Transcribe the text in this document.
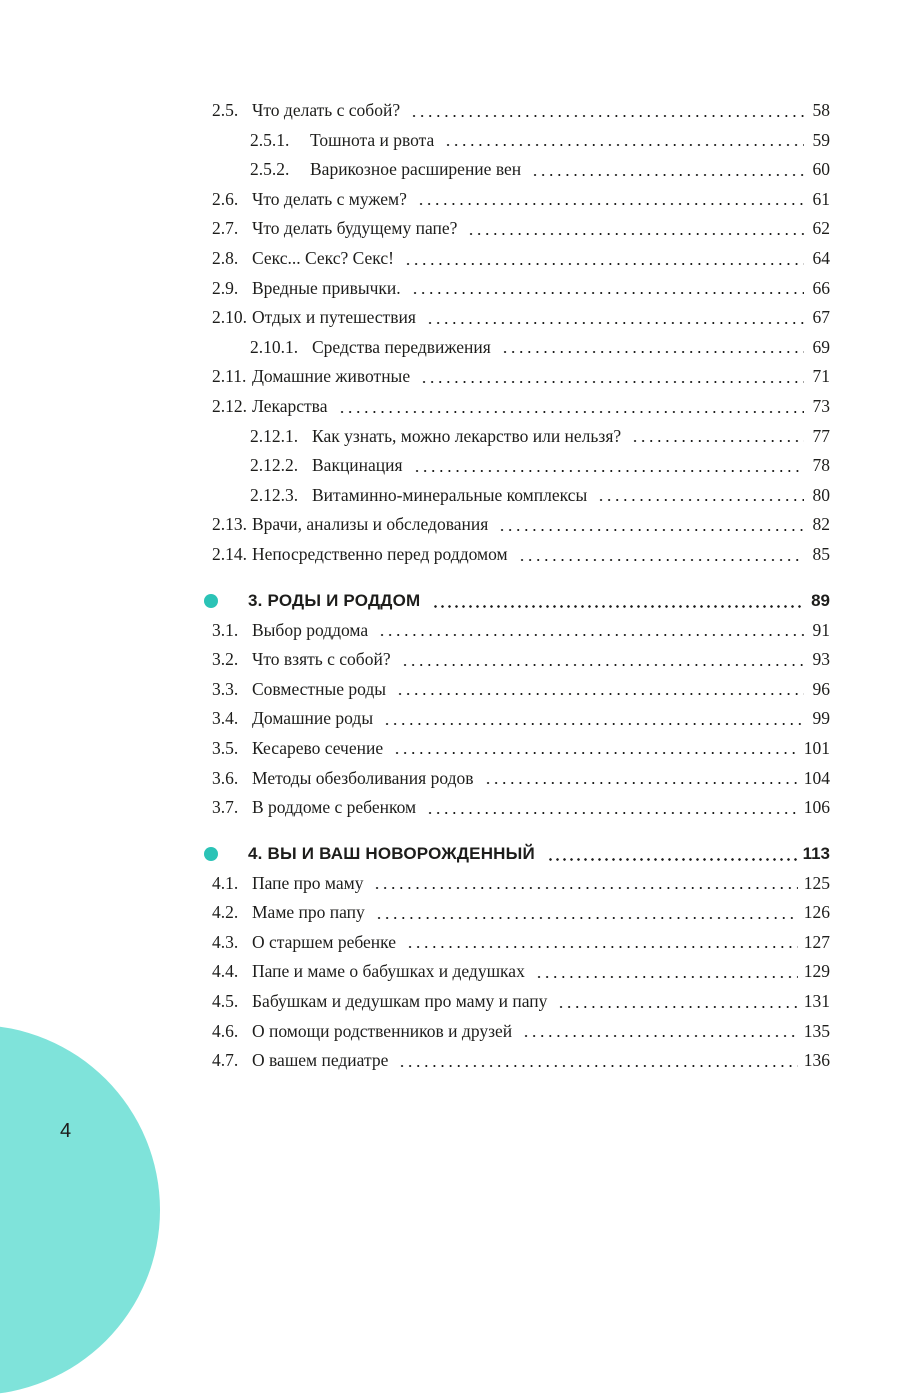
4
2.5. Что делать с собой?	58
2.5.1.	Тошнота и рвота	59
2.5.2.	Варикозное расширение вен	60
2.6. Что делать с мужем?	61
2.7. Что делать будущему папе?	62
2.8. Секс... Секс? Секс!	64
2.9. Вредные привычки.	66
2.10. Отдых и путешествия	67
2.10.1. Средства передвижения	69
2.11. Домашние животные	71
2.12. Лекарства	73
2.12.1. Как узнать, можно лекарство или нельзя?	77
2.12.2. Вакцинация	78
2.12.3. Витаминно-минеральные комплексы	80
2.13. Врачи, анализы и обследования	82
2.14. Непосредственно перед роддомом	85
3. РОДЫ И РОДДОМ	89
3.1. Выбор роддома	91
3.2. Что взять с собой?	93
3.3. Совместные роды	96
3.4. Домашние роды	99
3.5. Кесарево сечение	101
3.6. Методы обезболивания родов	104
3.7. В роддоме с ребенком	106
4. ВЫ И ВАШ НОВОРОЖДЕННЫЙ	113
4.1. Папе про маму	125
4.2. Маме про папу	126
4.3. О старшем ребенке	127
4.4. Папе и маме о бабушках и дедушках	129
4.5. Бабушкам и дедушкам про маму и папу	131
4.6. О помощи родственников и друзей	135
4.7. О вашем педиатре	136
